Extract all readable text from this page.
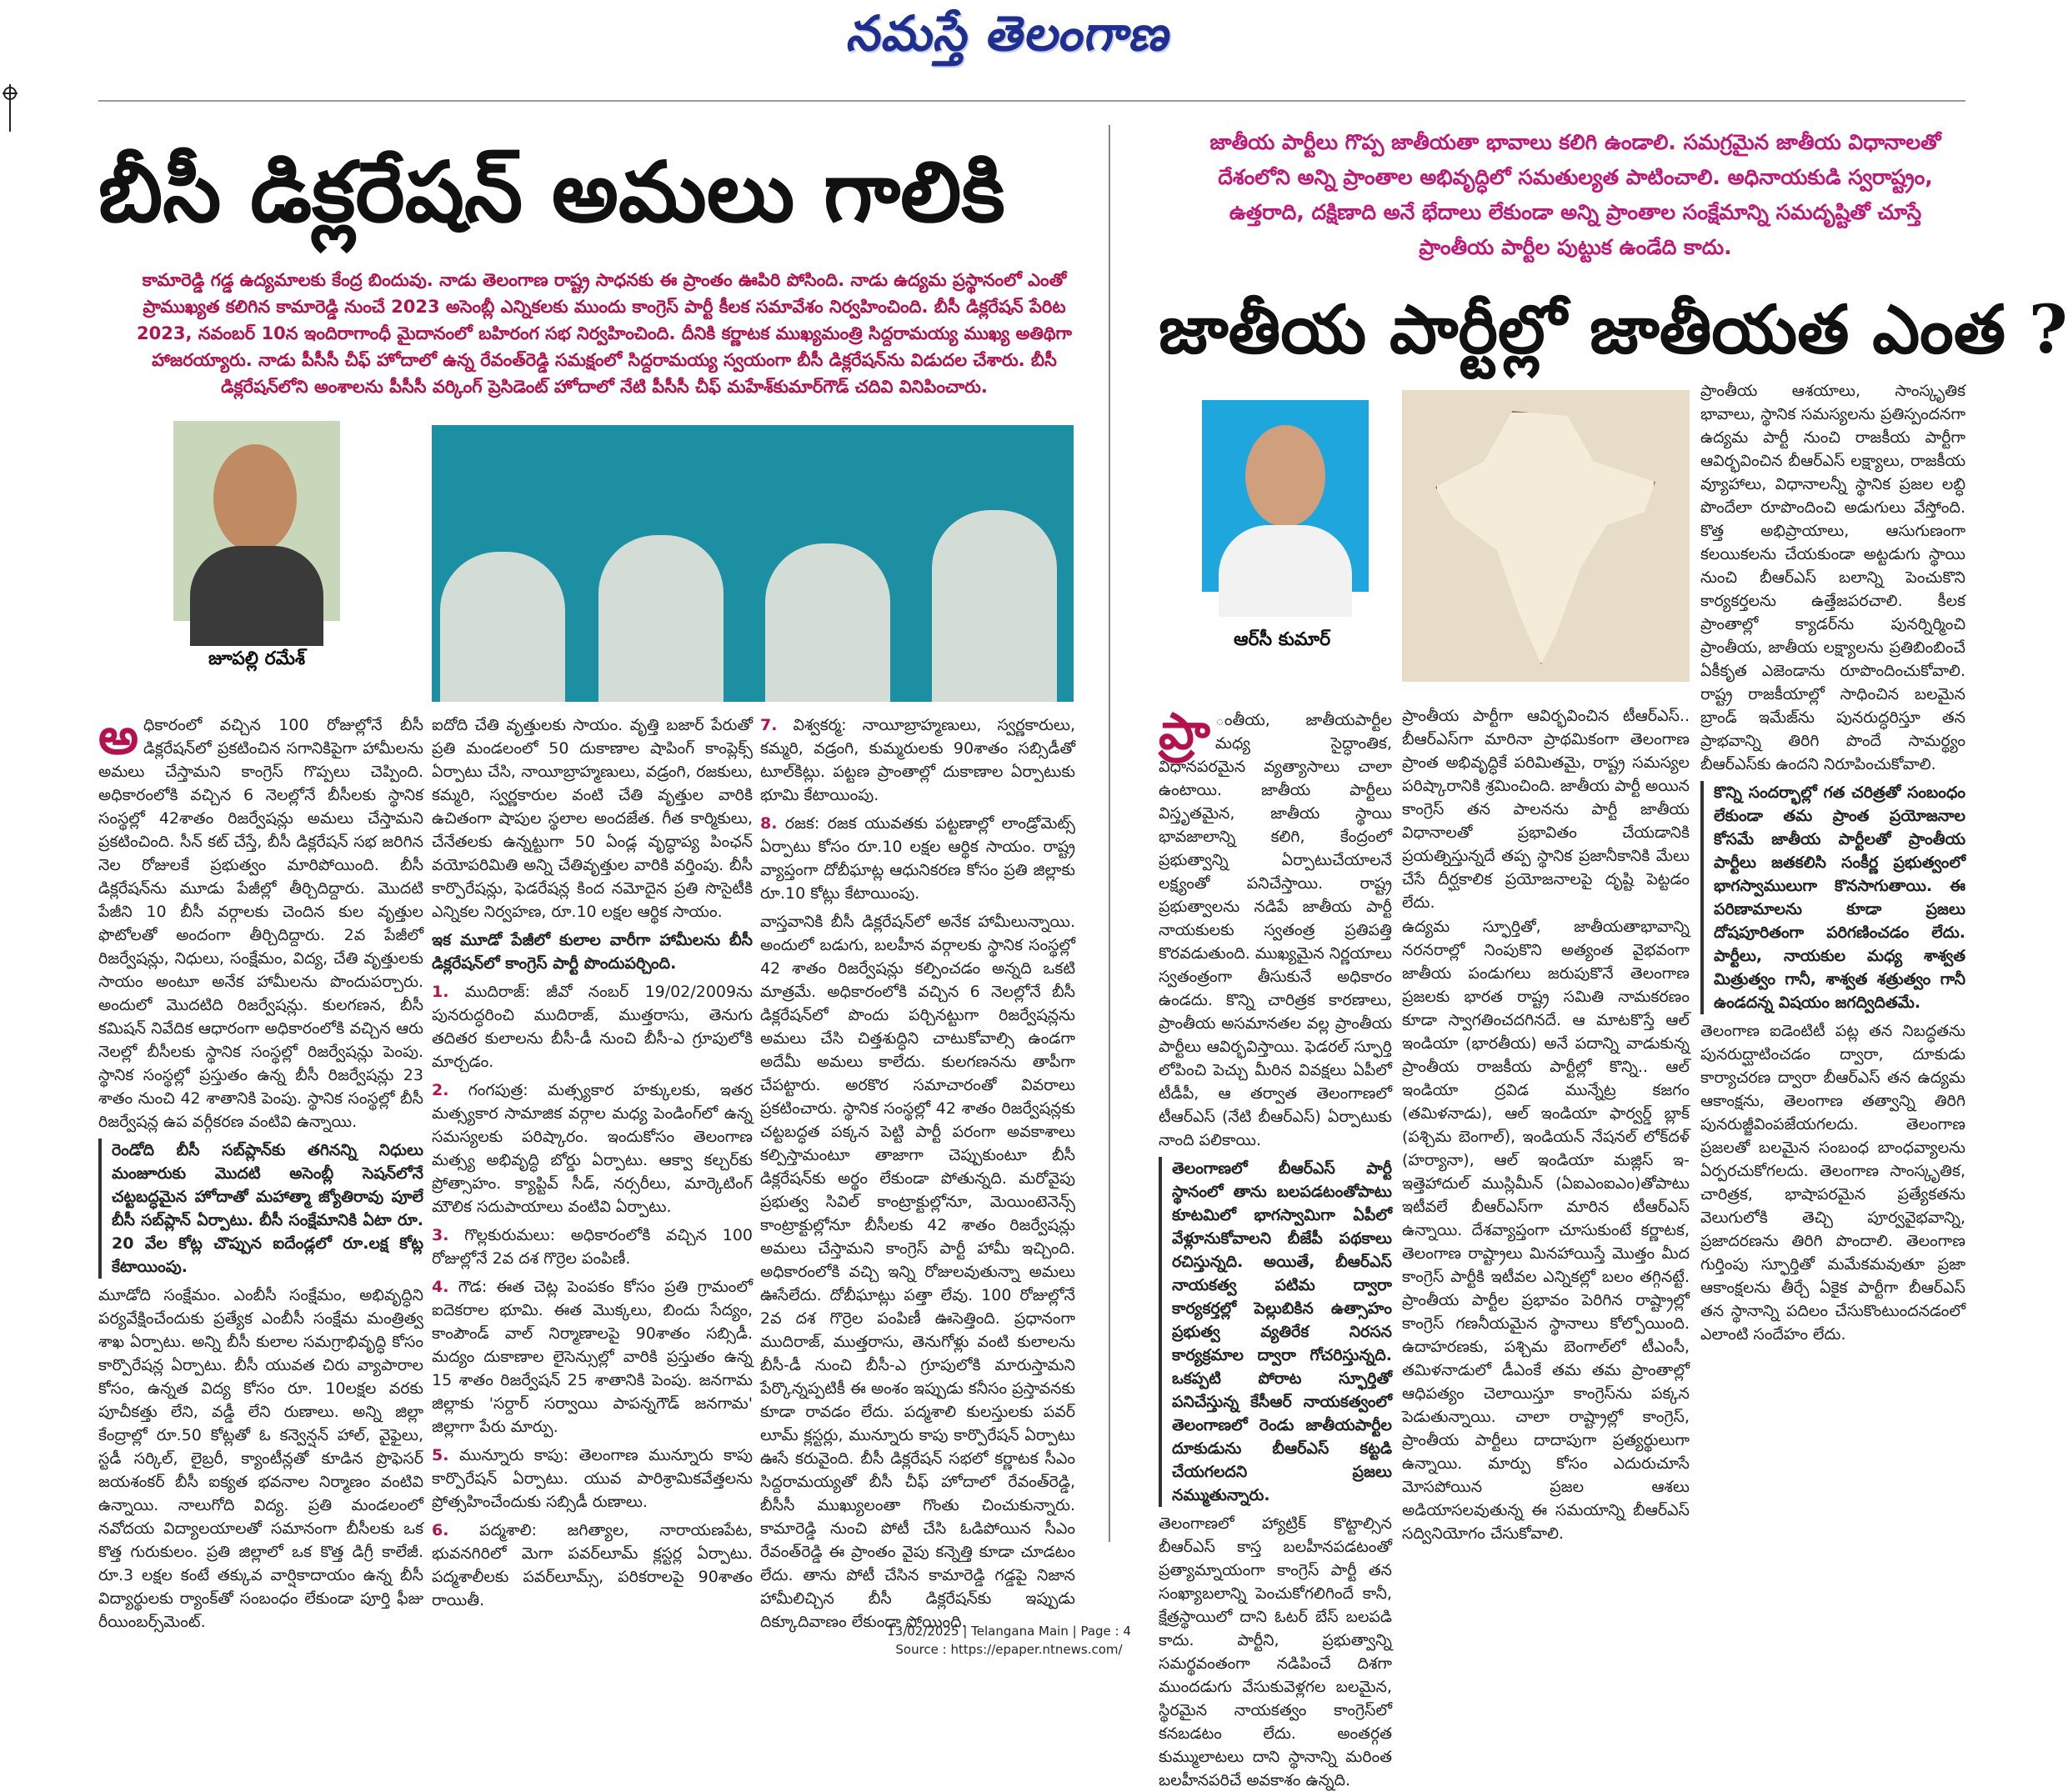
నమస్తే తెలంగాణ
బీసీ డిక్లరేషన్ అమలు గాలికి
కామారెడ్డి గడ్డ ఉద్యమాలకు కేంద్ర బిందువు. నాడు తెలంగాణ రాష్ట్ర సాధనకు ఈ ప్రాంతం ఊపిరి పోసింది. నాడు ఉద్యమ ప్రస్థానంలో ఎంతో ప్రాముఖ్యత కలిగిన కామారెడ్డి నుంచే 2023 అసెంబ్లీ ఎన్నికలకు ముందు కాంగ్రెస్ పార్టీ కీలక సమావేశం నిర్వహించింది. బీసీ డిక్లరేషన్ పేరిట 2023, నవంబర్ 10న ఇందిరాగాంధీ మైదానంలో బహిరంగ సభ నిర్వహించింది. దీనికి కర్ణాటక ముఖ్యమంత్రి సిద్దరామయ్య ముఖ్య అతిథిగా హాజరయ్యారు. నాడు పీసీసీ చీఫ్ హోదాలో ఉన్న రేవంత్‌రెడ్డి సమక్షంలో సిద్దరామయ్య స్వయంగా బీసీ డిక్లరేషన్‌ను విడుదల చేశారు. బీసీ డిక్లరేషన్‌లోని అంశాలను పీసీసీ వర్కింగ్ ప్రెసిడెంట్ హోదాలో నేటి పీసీసీ చీఫ్ మహేశ్‌కుమార్‌గౌడ్ చదివి వినిపించారు.
జూపల్లి రమేశ్

అధికారంలో వచ్చిన 100 రోజుల్లోనే బీసీ డిక్లరేషన్‌లో ప్రకటించిన సగానికిపైగా హామీలను అమలు చేస్తామని కాంగ్రెస్ గొప్పలు చెప్పింది. అధికారంలోకి వచ్చిన 6 నెలల్లోనే బీసీలకు స్థానిక సంస్థల్లో 42శాతం రిజర్వేషన్లు అమలు చేస్తామని ప్రకటించింది. సీన్ కట్ చేస్తే, బీసీ డిక్లరేషన్ సభ జరిగిన నెల రోజులకే ప్రభుత్వం మారిపోయింది. బీసీ డిక్లరేషన్‌ను మూడు పేజీల్లో తీర్చిదిద్దారు. మొదటి పేజీని 10 బీసీ వర్గాలకు చెందిన కుల వృత్తుల ఫొటోలతో అందంగా తీర్చిదిద్దారు. 2వ పేజీలో రిజర్వేషన్లు, నిధులు, సంక్షేమం, విద్య, చేతి వృత్తులకు సాయం అంటూ అనేక హామీలను పొందుపర్చారు. అందులో మొదటిది రిజర్వేషన్లు. కులగణన, బీసీ కమిషన్ నివేదిక ఆధారంగా అధికారంలోకి వచ్చిన ఆరు నెలల్లో బీసీలకు స్థానిక సంస్థల్లో రిజర్వేషన్లు పెంపు. స్థానిక సంస్థల్లో ప్రస్తుతం ఉన్న బీసీ రిజర్వేషన్లు 23 శాతం నుంచి 42 శాతానికి పెంపు. స్థానిక సంస్థల్లో బీసీ రిజర్వేషన్ల ఉప వర్గీకరణ వంటివి ఉన్నాయి.

రెండోది బీసీ సబ్‌ప్లాన్‌కు తగినన్ని నిధులు మంజూరుకు మొదటి అసెంబ్లీ సెషన్‌లోనే చట్టబద్ధమైన హోదాతో మహాత్మా జ్యోతిరావు పూలే బీసీ సబ్‌ప్లాన్ ఏర్పాటు. బీసీ సంక్షేమానికి ఏటా రూ. 20 వేల కోట్ల చొప్పున ఐదేండ్లలో రూ.లక్ష కోట్ల కేటాయింపు.

మూడోది సంక్షేమం. ఎంబీసీ సంక్షేమం, అభివృద్ధిని పర్యవేక్షించేందుకు ప్రత్యేక ఎంబీసీ సంక్షేమ మంత్రిత్వ శాఖ ఏర్పాటు. అన్ని బీసీ కులాల సమగ్రాభివృద్ధి కోసం కార్పొరేషన్ల ఏర్పాటు. బీసీ యువత చిరు వ్యాపారాల కోసం, ఉన్నత విద్య కోసం రూ. 10లక్షల వరకు పూచీకత్తు లేని, వడ్డీ లేని రుణాలు. అన్ని జిల్లా కేంద్రాల్లో రూ.50 కోట్లతో ఓ కన్వెన్షన్ హాల్, వైఫైలు, స్టడీ సర్కిల్, లైబ్రరీ, క్యాంటీన్లతో కూడిన ప్రొఫెసర్ జయశంకర్ బీసీ ఐక్యత భవనాల నిర్మాణం వంటివి ఉన్నాయి. నాలుగోది విద్య. ప్రతి మండలంలో నవోదయ విద్యాలయాలతో సమానంగా బీసీలకు ఒక కొత్త గురుకులం. ప్రతి జిల్లాలో ఒక కొత్త డిగ్రీ కాలేజీ. రూ.3 లక్షల కంటే తక్కువ వార్షికాదాయం ఉన్న బీసీ విద్యార్థులకు ర్యాంక్‌తో సంబంధం లేకుండా పూర్తి ఫీజు రీయింబర్స్‌మెంట్.

ఐదోది చేతి వృత్తులకు సాయం. వృత్తి బజార్ పేరుతో ప్రతి మండలంలో 50 దుకాణాల షాపింగ్ కాంప్లెక్స్ ఏర్పాటు చేసి, నాయీబ్రాహ్మణులు, వడ్రంగి, రజకులు, కమ్మరి, స్వర్ణకారుల వంటి చేతి వృత్తుల వారికి ఉచితంగా షాపుల స్థలాల అందజేత. గీత కార్మికులు, చేనేతలకు ఉన్నట్టుగా 50 ఏండ్ల వృద్ధాప్య పింఛన్ వయోపరిమితి అన్ని చేతివృత్తుల వారికి వర్తింపు. బీసీ కార్పొరేషన్లు, ఫెడరేషన్ల కింద నమోదైన ప్రతి సొసైటీకి ఎన్నికల నిర్వహణ, రూ.10 లక్షల ఆర్థిక సాయం.

ఇక మూడో పేజీలో కులాల వారీగా హామీలను బీసీ డిక్లరేషన్‌లో కాంగ్రెస్ పార్టీ పొందుపర్చింది.

1. ముదిరాజ్: జీవో నంబర్ 19/02/2009ను పునరుద్ధరించి ముదిరాజ్, ముత్తరాసు, తెనుగు తదితర కులాలను బీసీ-డీ నుంచి బీసీ-ఎ గ్రూపులోకి మార్చడం.

2. గంగపుత్ర: మత్స్యకార హక్కులకు, ఇతర మత్స్యకార సామాజిక వర్గాల మధ్య పెండింగ్‌లో ఉన్న సమస్యలకు పరిష్కారం. ఇందుకోసం తెలంగాణ మత్స్య అభివృద్ధి బోర్డు ఏర్పాటు. ఆక్వా కల్చర్‌కు ప్రోత్సాహం. క్యాప్టివ్ సీడ్, నర్సరీలు, మార్కెటింగ్ మౌలిక సదుపాయాలు వంటివి ఏర్పాటు.

3. గొల్లకురుమలు: అధికారంలోకి వచ్చిన 100 రోజుల్లోనే 2వ దశ గొర్రెల పంపిణీ.

4. గౌడ: ఈత చెట్ల పెంపకం కోసం ప్రతి గ్రామంలో ఐదెకరాల భూమి. ఈత మొక్కలు, బిందు సేద్యం, కాంపౌండ్ వాల్ నిర్మాణాలపై 90శాతం సబ్సిడీ. మద్యం దుకాణాల లైసెన్సుల్లో వారికి ప్రస్తుతం ఉన్న 15 శాతం రిజర్వేషన్ 25 శాతానికి పెంపు. జనగామ జిల్లాకు 'సర్దార్ సర్వాయి పాపన్నగౌడ్ జనగామ' జిల్లాగా పేరు మార్పు.

5. మున్నూరు కాపు: తెలంగాణ మున్నూరు కాపు కార్పొరేషన్ ఏర్పాటు. యువ పారిశ్రామికవేత్తలను ప్రోత్సహించేందుకు సబ్సిడీ రుణాలు.

6. పద్మశాలి: జగిత్యాల, నారాయణపేట, భువనగిరిలో మెగా పవర్‌లూమ్ క్లస్టర్ల ఏర్పాటు. పద్మశాలీలకు పవర్‌లూమ్స్, పరికరాలపై 90శాతం రాయితీ.

7. విశ్వకర్మ: నాయీబ్రాహ్మణులు, స్వర్ణకారులు, కమ్మరి, వడ్రంగి, కుమ్మరులకు 90శాతం సబ్సిడీతో టూల్‌కిట్లు. పట్టణ ప్రాంతాల్లో దుకాణాల ఏర్పాటుకు భూమి కేటాయింపు.

8. రజక: రజక యువతకు పట్టణాల్లో లాండ్రోమెట్స్ ఏర్పాటు కోసం రూ.10 లక్షల ఆర్థిక సాయం. రాష్ట్ర వ్యాప్తంగా దోబీఘాట్ల ఆధునికరణ కోసం ప్రతి జిల్లాకు రూ.10 కోట్లు కేటాయింపు.

వాస్తవానికి బీసీ డిక్లరేషన్‌లో అనేక హామీలున్నాయి. అందులో బడుగు, బలహీన వర్గాలకు స్థానిక సంస్థల్లో 42 శాతం రిజర్వేషన్లు కల్పించడం అన్నది ఒకటి మాత్రమే. అధికారంలోకి వచ్చిన 6 నెలల్లోనే బీసీ డిక్లరేషన్‌లో పొందు పర్చినట్టుగా రిజర్వేషన్లను అమలు చేసి చిత్తశుద్ధిని చాటుకోవాల్సి ఉండగా అదేమీ అమలు కాలేదు. కులగణనను తాపీగా చేపట్టారు. అరకొర సమాచారంతో వివరాలు ప్రకటించారు. స్థానిక సంస్థల్లో 42 శాతం రిజర్వేషన్లకు చట్టబద్ధత పక్కన పెట్టి పార్టీ పరంగా అవకాశాలు కల్పిస్తామంటూ తాజాగా చెప్పుకుంటూ బీసీ డిక్లరేషన్‌కు అర్థం లేకుండా పోతున్నది. మరోవైపు ప్రభుత్వ సివిల్ కాంట్రాక్టుల్లోనూ, మెయింటెనెన్స్ కాంట్రాక్టుల్లోనూ బీసీలకు 42 శాతం రిజర్వేషన్లు అమలు చేస్తామని కాంగ్రెస్ పార్టీ హామీ ఇచ్చింది. అధికారంలోకి వచ్చి ఇన్ని రోజులవుతున్నా అమలు ఊసేలేదు. దోబీఘాట్లు పత్తా లేవు. 100 రోజుల్లోనే 2వ దశ గొర్రెల పంపిణీ ఊసెత్తింది. ప్రధానంగా ముదిరాజ్, ముత్తరాసు, తెనుగోళ్లు వంటి కులాలను బీసీ-డీ నుంచి బీసీ-ఎ గ్రూపులోకి మారుస్తామని పేర్కొన్నప్పటికీ ఈ అంశం ఇప్పుడు కనీసం ప్రస్తావనకు కూడా రావడం లేదు. పద్మశాలి కులస్తులకు పవర్ లూమ్ క్లస్టర్లు, మున్నూరు కాపు కార్పొరేషన్ ఏర్పాటు ఊసే కరువైంది. బీసీ డిక్లరేషన్ సభలో కర్ణాటక సీఎం సిద్దరామయ్యతో బీసీ చీఫ్ హోదాలో రేవంత్‌రెడ్డి, బీసీసీ ముఖ్యులంతా గొంతు చించుకున్నారు. కామారెడ్డి నుంచి పోటీ చేసి ఓడిపోయిన సీఎం రేవంత్‌రెడ్డి ఈ ప్రాంతం వైపు కన్నెత్తి కూడా చూడటం లేదు. తాను పోటీ చేసిన కామారెడ్డి గడ్డపై నిజాన హామీలిచ్చిన బీసీ డిక్లరేషన్‌కు ఇప్పుడు దిక్కూదివాణం లేకుండా పోయింది.

జాతీయ పార్టీలు గొప్ప జాతీయతా భావాలు కలిగి ఉండాలి. సమగ్రమైన జాతీయ విధానాలతో దేశంలోని అన్ని ప్రాంతాల అభివృద్ధిలో సమతుల్యత పాటించాలి. అధినాయకుడి స్వరాష్ట్రం, ఉత్తరాది, దక్షిణాది అనే భేదాలు లేకుండా అన్ని ప్రాంతాల సంక్షేమాన్ని సమదృష్టితో చూస్తే ప్రాంతీయ పార్టీల పుట్టుక ఉండేది కాదు.
జాతీయ పార్టీల్లో జాతీయత ఎంత ?
ఆర్‌సీ కుమార్

ప్రాంతీయ పార్టీగా ఆవిర్భవించిన టీఆర్‌ఎస్.. బీఆర్‌ఎస్‌గా మారినా ప్రాథమికంగా తెలంగాణ ప్రాంత అభివృద్ధికే పరిమితమై, రాష్ట్ర సమస్యల పరిష్కారానికి శ్రమించింది. జాతీయ పార్టీ అయిన కాంగ్రెస్ తన పాలనను పార్టీ జాతీయ విధానాలతో ప్రభావితం చేయడానికి ప్రయత్నిస్తున్నదే తప్ప స్థానిక ప్రజానీకానికి మేలు చేసే దీర్ఘకాలిక ప్రయోజనాలపై దృష్టి పెట్టడం లేదు.

ప్రా ంతీయ, జాతీయపార్టీల మధ్య సైద్ధాంతిక, విధానపరమైన వ్యత్యాసాలు చాలా ఉంటాయి. జాతీయ పార్టీలు విస్తృతమైన, జాతీయ స్థాయి భావజాలాన్ని కలిగి, కేంద్రంలో ప్రభుత్వాన్ని ఏర్పాటుచేయాలనే లక్ష్యంతో పనిచేస్తాయి. రాష్ట్ర ప్రభుత్వాలను నడిపే జాతీయ పార్టీ నాయకులకు స్వతంత్ర ప్రతిపత్తి కొరవడుతుంది. ముఖ్యమైన నిర్ణయాలు స్వతంత్రంగా తీసుకునే అధికారం ఉండదు. కొన్ని చారిత్రక కారణాలు, ప్రాంతీయ అసమానతల వల్ల ప్రాంతీయ పార్టీలు ఆవిర్భవిస్తాయి. ఫెడరల్ స్ఫూర్తి లోపించి పెచ్చు మీరిన వివక్షలు ఏపీలో టీడీపీ, ఆ తర్వాత తెలంగాణలో టీఆర్‌ఎస్ (నేటి బీఆర్‌ఎస్) ఏర్పాటుకు నాంది పలికాయి.

తెలంగాణలో బీఆర్‌ఎస్ పార్టీ స్థానంలో తాను బలపడటంతోపాటు కూటమిలో భాగస్వామిగా ఏపీలో వేళ్లూనుకోవాలని బీజేపీ పథకాలు రచిస్తున్నది. అయితే, బీఆర్‌ఎస్ నాయకత్వ పటిమ ద్వారా కార్యకర్తల్లో పెల్లుబికిన ఉత్సాహం ప్రభుత్వ వ్యతిరేక నిరసన కార్యక్రమాల ద్వారా గోచరిస్తున్నది. ఒకప్పటి పోరాట స్ఫూర్తితో పనిచేస్తున్న కేసీఆర్ నాయకత్వంలో తెలంగాణలో రెండు జాతీయపార్టీల దూకుడును బీఆర్‌ఎస్ కట్టడి చేయగలదని ప్రజలు నమ్ముతున్నారు.

తెలంగాణలో హ్యాట్రిక్ కొట్టాల్సిన బీఆర్‌ఎస్ కాస్త బలహీనపడటంతో ప్రత్యామ్నాయంగా కాంగ్రెస్ పార్టీ తన సంఖ్యాబలాన్ని పెంచుకోగలిగిందే కానీ, క్షేత్రస్థాయిలో దాని ఓటర్ బేస్ బలపడి కాదు. పార్టీని, ప్రభుత్వాన్ని సమర్థవంతంగా నడిపించే దిశగా ముందడుగు వేసుకువెళ్లగల బలమైన, స్థిరమైన నాయకత్వం కాంగ్రెస్‌లో కనబడటం లేదు. అంతర్గత కుమ్ములాటలు దాని స్థానాన్ని మరింత బలహీనపరిచే అవకాశం ఉన్నది.

ఉద్యమ స్ఫూర్తితో, జాతీయతాభావాన్ని నరనరాల్లో నింపుకొని అత్యంత వైభవంగా జాతీయ పండుగలు జరుపుకొనే తెలంగాణ ప్రజలకు భారత రాష్ట్ర సమితి నామకరణం కూడా స్వాగతించదగినదే. ఆ మాటకొస్తే ఆల్ ఇండియా (భారతీయ) అనే పదాన్ని వాడుకున్న ప్రాంతీయ రాజకీయ పార్టీల్లో కొన్ని.. ఆల్ ఇండియా ద్రవిడ మున్నేట్ర కజగం (తమిళనాడు), ఆల్ ఇండియా ఫార్వర్డ్ బ్లాక్ (పశ్చిమ బెంగాల్), ఇండియన్ నేషనల్ లోక్‌దళ్ (హర్యానా), ఆల్ ఇండియా మజ్లిస్ ఇ- ఇత్తెహాదుల్ ముస్లిమీన్ (ఏఐఎంఐఎం)తోపాటు ఇటీవలే బీఆర్‌ఎస్‌గా మారిన టీఆర్‌ఎస్ ఉన్నాయి. దేశవ్యాప్తంగా చూసుకుంటే కర్ణాటక, తెలంగాణ రాష్ట్రాలు మినహాయిస్తే మొత్తం మీద కాంగ్రెస్ పార్టీకి ఇటీవల ఎన్నికల్లో బలం తగ్గినట్టే. ప్రాంతీయ పార్టీల ప్రభావం పెరిగిన రాష్ట్రాల్లో కాంగ్రెస్ గణనీయమైన స్థానాలు కోల్పోయింది. ఉదాహరణకు, పశ్చిమ బెంగాల్‌లో టీఎంసీ, తమిళనాడులో డీఎంకే తమ తమ ప్రాంతాల్లో ఆధిపత్యం చెలాయిస్తూ కాంగ్రెస్‌ను పక్కన పెడుతున్నాయి. చాలా రాష్ట్రాల్లో కాంగ్రెస్, ప్రాంతీయ పార్టీలు దాదాపుగా ప్రత్యర్థులుగా ఉన్నాయి. మార్పు కోసం ఎదురుచూసే మోసపోయిన ప్రజల ఆశలు అడియాసలవుతున్న ఈ సమయాన్ని బీఆర్‌ఎస్ సద్వినియోగం చేసుకోవాలి.

ప్రాంతీయ ఆశయాలు, సాంస్కృతిక భావాలు, స్థానిక సమస్యలను ప్రతిస్పందనగా ఉద్యమ పార్టీ నుంచి రాజకీయ పార్టీగా ఆవిర్భవించిన బీఆర్‌ఎస్ లక్ష్యాలు, రాజకీయ వ్యూహాలు, విధానాలన్నీ స్థానిక ప్రజల లబ్ధి పొందేలా రూపొందించి అడుగులు వేస్తోంది. కొత్త అభిప్రాయాలు, ఆసుగుణంగా కలయికలను చేయకుండా అట్టడుగు స్థాయి నుంచి బీఆర్‌ఎస్ బలాన్ని పెంచుకొని కార్యకర్తలను ఉత్తేజపరచాలి. కీలక ప్రాంతాల్లో క్యాడర్‌ను పునర్నిర్మించి ప్రాంతీయ, జాతీయ లక్ష్యాలను ప్రతిబింబించే ఏకీకృత ఎజెండాను రూపొందించుకోవాలి. రాష్ట్ర రాజకీయాల్లో సాధించిన బలమైన బ్రాండ్ ఇమేజ్‌ను పునరుద్ధరిస్తూ తన ప్రాభవాన్ని తిరిగి పొందే సామర్థ్యం బీఆర్‌ఎస్‌కు ఉందని నిరూపించుకోవాలి.

కొన్ని సందర్భాల్లో గత చరిత్రతో సంబంధం లేకుండా తమ ప్రాంత ప్రయోజనాల కోసమే జాతీయ పార్టీలతో ప్రాంతీయ పార్టీలు జతకలిసి సంకీర్ణ ప్రభుత్వంలో భాగస్వాములుగా కొనసాగుతాయి. ఈ పరిణామాలను కూడా ప్రజలు దోషపూరితంగా పరిగణించడం లేదు. పార్టీలు, నాయకుల మధ్య శాశ్వత మిత్రుత్వం గానీ, శాశ్వత శత్రుత్వం గానీ ఉండదన్న విషయం జగద్విదితమే.

తెలంగాణ ఐడెంటిటీ పట్ల తన నిబద్ధతను పునరుద్ఘాటించడం ద్వారా, దూకుడు కార్యాచరణ ద్వారా బీఆర్‌ఎస్ తన ఉద్యమ ఆకాంక్షను, తెలంగాణ తత్వాన్ని తిరిగి పునరుజ్జీవింపజేయగలదు. తెలంగాణ ప్రజలతో బలమైన సంబంధ బాంధవ్యాలను ఏర్పరచుకోగలదు. తెలంగాణ సాంస్కృతిక, చారిత్రక, భాషాపరమైన ప్రత్యేకతను వెలుగులోకి తెచ్చి పూర్వవైభవాన్ని, ప్రజాదరణను తిరిగి పొందాలి. తెలంగాణ గుర్తింపు స్ఫూర్తితో మమేకమవుతూ ప్రజా ఆకాంక్షలను తీర్చే ఏకైక పార్టీగా బీఆర్‌ఎస్ తన స్థానాన్ని పదిలం చేసుకొంటుందనడంలో ఎలాంటి సందేహం లేదు.

13/02/2025 | Telangana Main | Page : 4
Source : https://epaper.ntnews.com/
